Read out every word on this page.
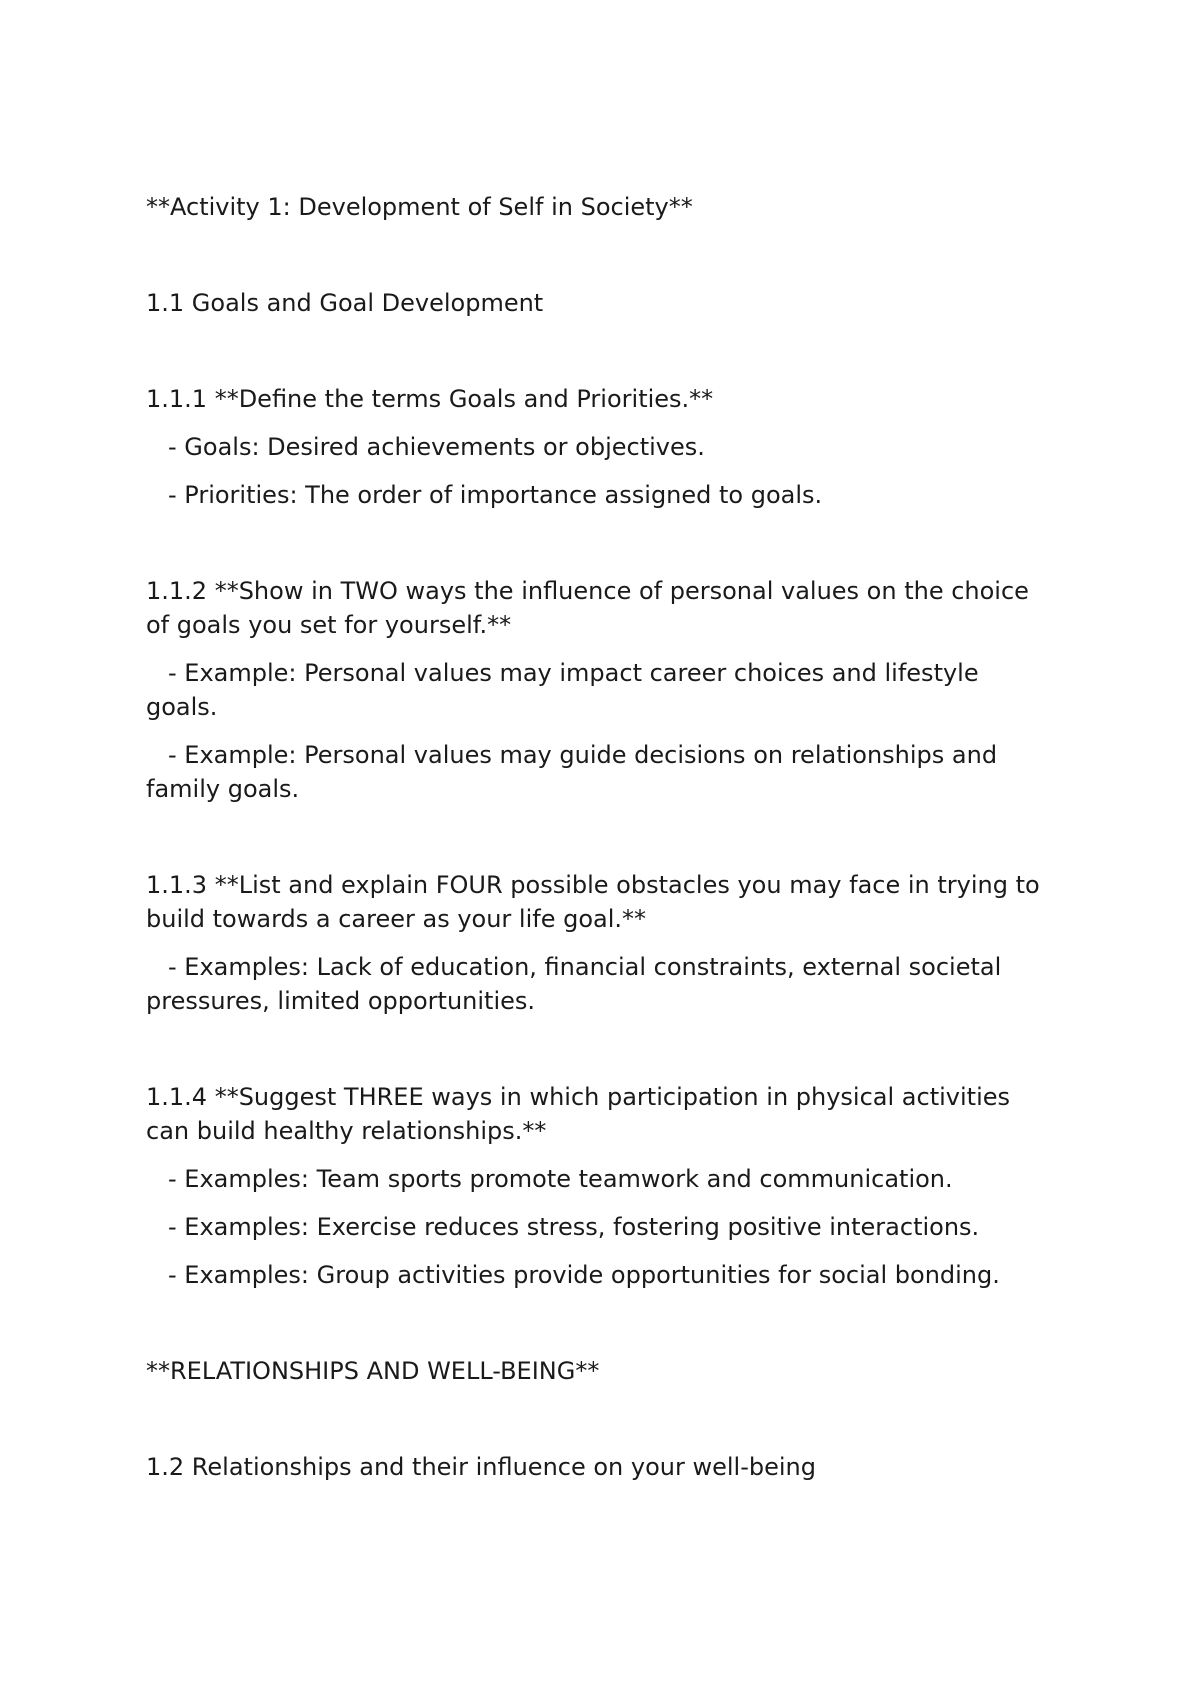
**Activity 1: Development of Self in Society**

1.1 Goals and Goal Development

1.1.1 **Define the terms Goals and Priorities.**

- Goals: Desired achievements or objectives.

- Priorities: The order of importance assigned to goals.

1.1.2 **Show in TWO ways the influence of personal values on the choice
of goals you set for yourself.**

- Example: Personal values may impact career choices and lifestyle
goals.

- Example: Personal values may guide decisions on relationships and
family goals.

1.1.3 **List and explain FOUR possible obstacles you may face in trying to
build towards a career as your life goal.**

- Examples: Lack of education, financial constraints, external societal
pressures, limited opportunities.

1.1.4 **Suggest THREE ways in which participation in physical activities
can build healthy relationships.**

- Examples: Team sports promote teamwork and communication.

- Examples: Exercise reduces stress, fostering positive interactions.

- Examples: Group activities provide opportunities for social bonding.

**RELATIONSHIPS AND WELL-BEING**

1.2 Relationships and their influence on your well-being
